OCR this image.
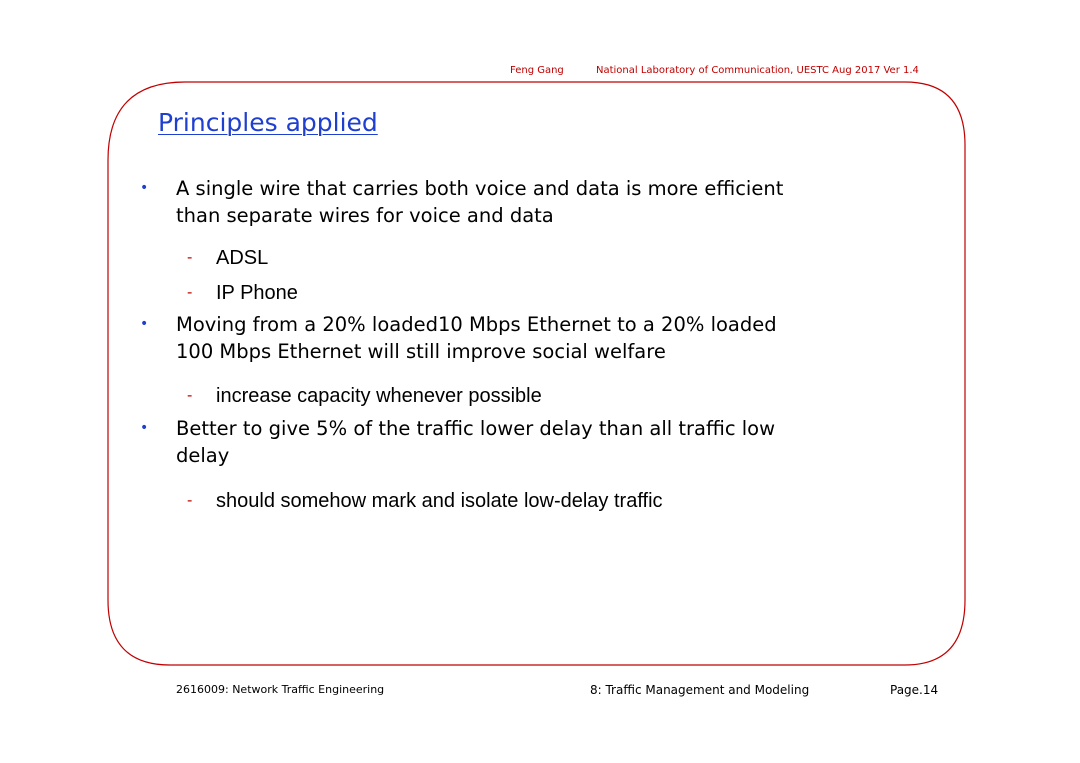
Feng Gang	National Laboratory of Communication, UESTC Aug 2017 Ver 1.4
Principles applied
• A single wire that carries both voice and data is more efficient
than separate wires for voice and data
- ADSL
- IP Phone
• Moving from a 20% loaded10 Mbps Ethernet to a 20% loaded
100 Mbps Ethernet will still improve social welfare
- increase capacity whenever possible
• Better to give 5% of the traffic lower delay than all traffic low
delay
- should somehow mark and isolate low-delay traffic
2616009: Network Traffic Engineering	8: Traffic Management and Modeling	Page.14
